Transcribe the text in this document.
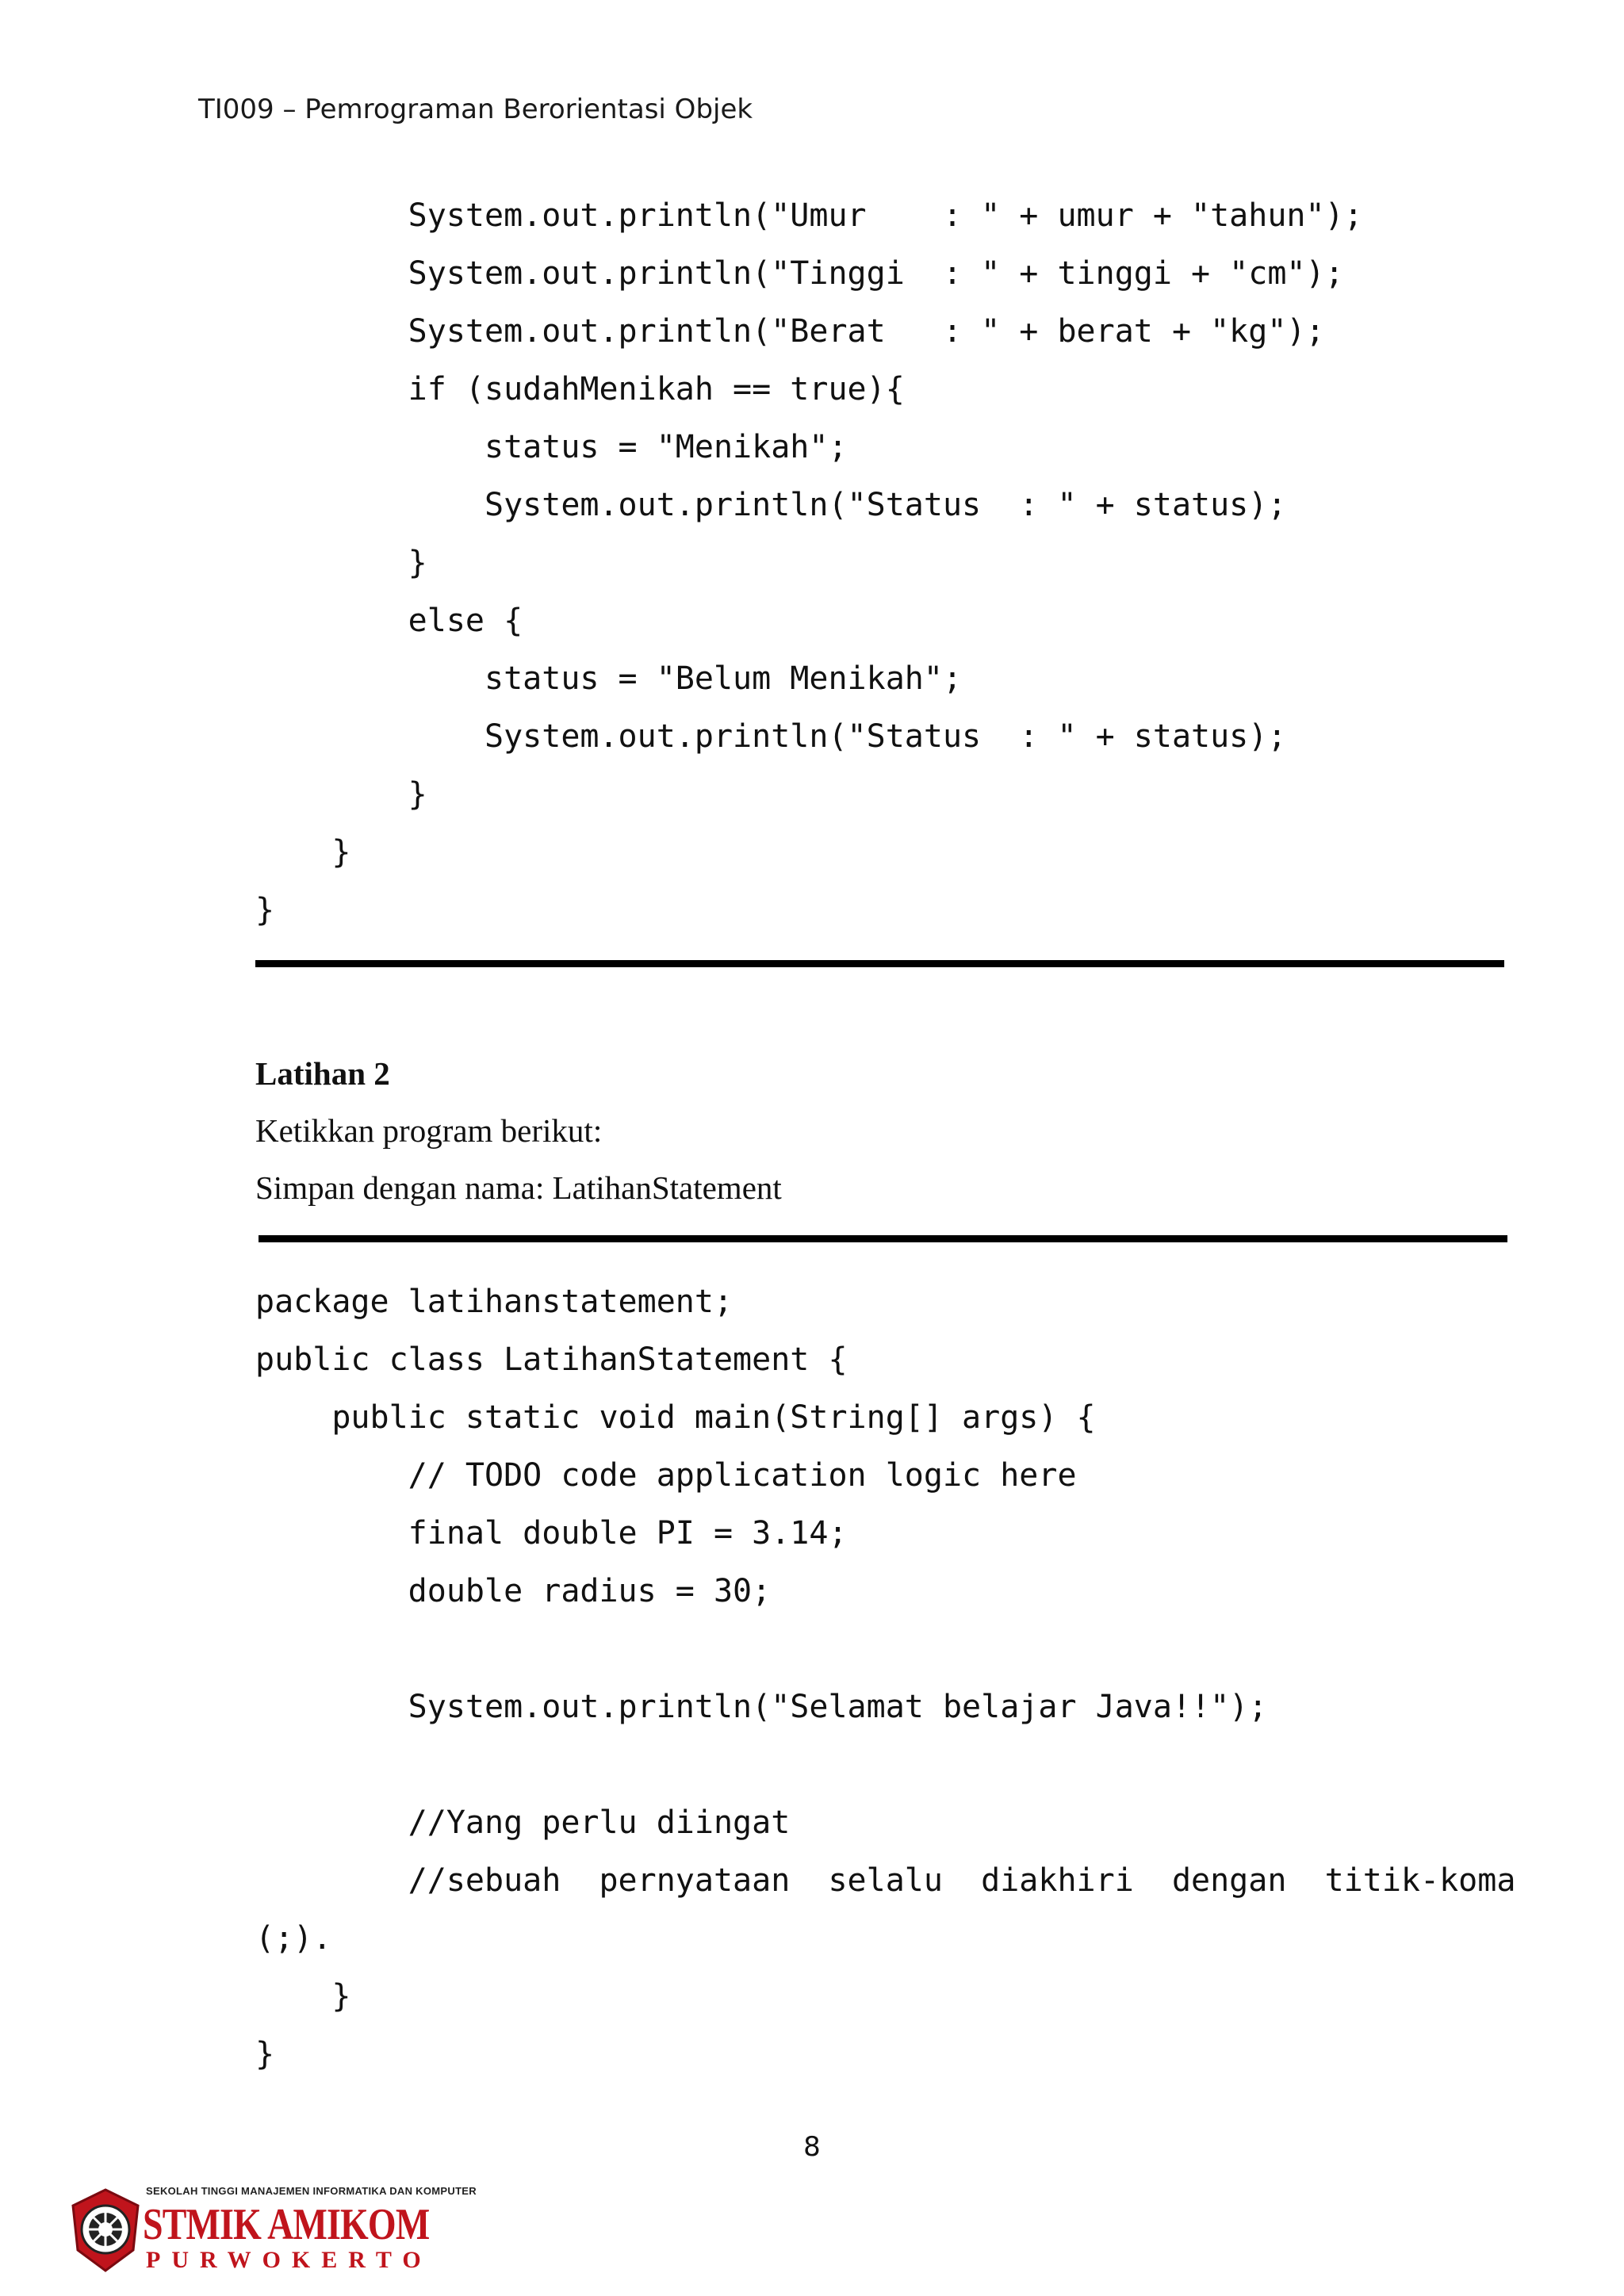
TI009 – Pemrograman Berorientasi Objek
System.out.println("Umur    : " + umur + "tahun");
System.out.println("Tinggi  : " + tinggi + "cm");
System.out.println("Berat   : " + berat + "kg");
if (sudahMenikah == true){
status = "Menikah";
System.out.println("Status  : " + status);
}
else {
status = "Belum Menikah";
System.out.println("Status  : " + status);
}
}
}
Latihan 2
Ketikkan program berikut:
Simpan dengan nama: LatihanStatement
package latihanstatement;
public class LatihanStatement {
public static void main(String[] args) {
// TODO code application logic here
final double PI = 3.14;
double radius = 30;
System.out.println("Selamat belajar Java!!");
//Yang perlu diingat
//sebuah  pernyataan  selalu  diakhiri  dengan  titik-koma
(;).
}
}
8
SEKOLAH TINGGI MANAJEMEN INFORMATIKA DAN KOMPUTER
STMIK AMIKOM
PURWOKERTO
